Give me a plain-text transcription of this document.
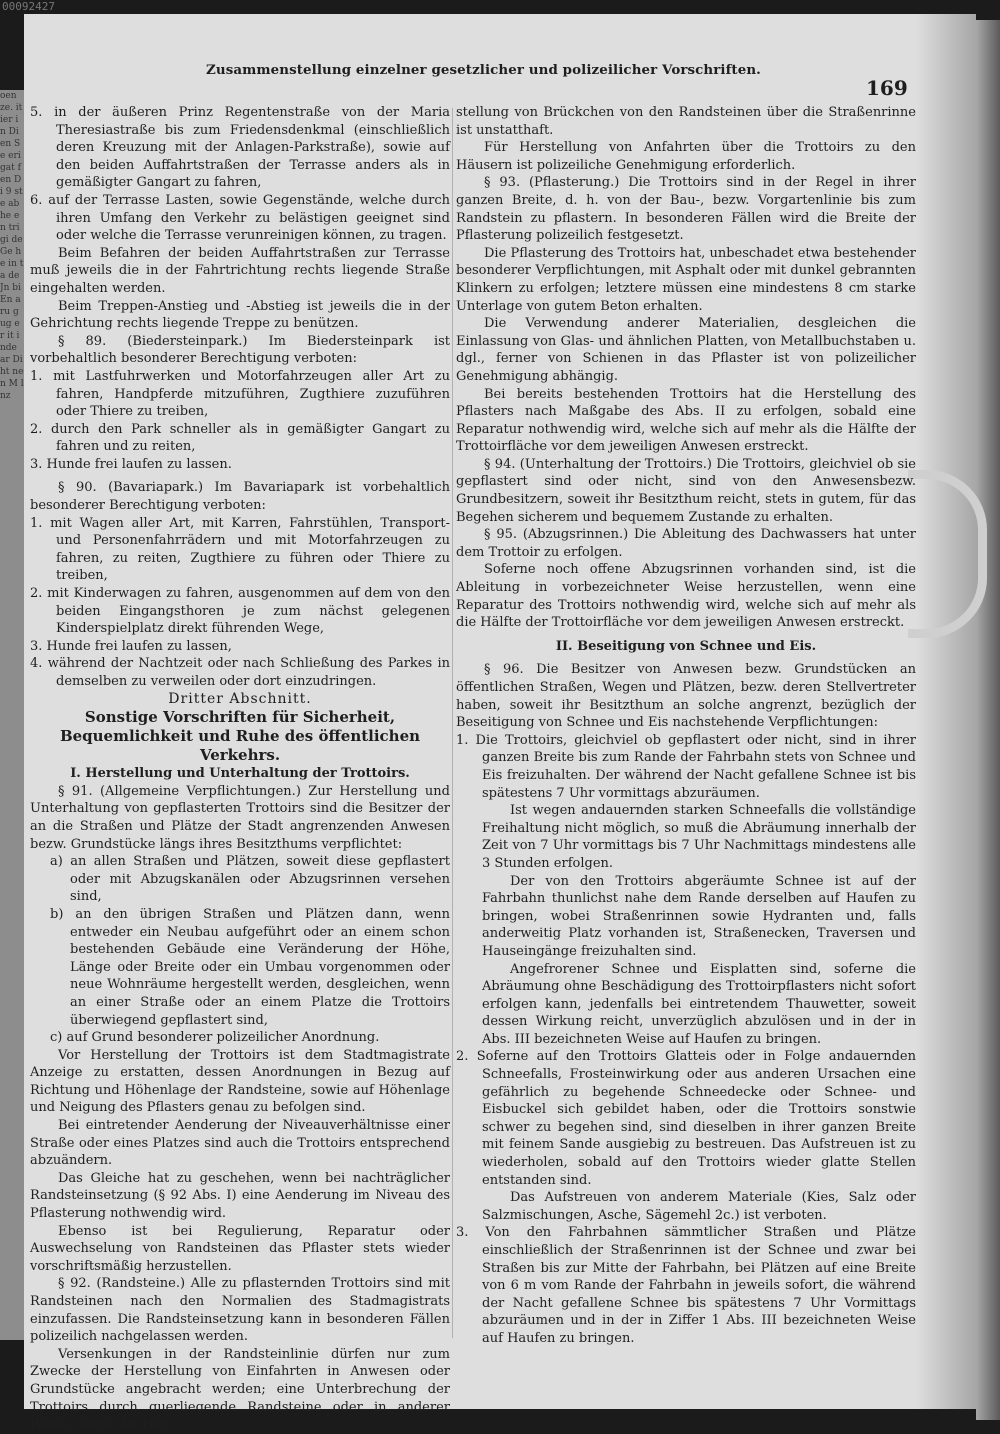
oen ze. it ier in Di en Se eri gat fen Di 9 ste ab he en tri gi de Ge he in ta de Jn bi En aru g ug er it inde ar Di ht ne n M l nz
00092427
Zusammenstellung einzelner gesetzlicher und polizeilicher Vorschriften.
169

5. in der äußeren Prinz Regentenstraße von der Maria Theresiastraße bis zum Friedensdenkmal (einschließlich deren Kreuzung mit der Anlagen-Parkstraße), sowie auf den beiden Auffahrtstraßen der Terrasse anders als in gemäßigter Gangart zu fahren,

6. auf der Terrasse Lasten, sowie Gegenstände, welche durch ihren Umfang den Verkehr zu belästigen geeignet sind oder welche die Terrasse verunreinigen können, zu tragen.

Beim Befahren der beiden Auffahrtstraßen zur Terrasse muß jeweils die in der Fahrtrichtung rechts liegende Straße eingehalten werden.

Beim Treppen-Anstieg und -Abstieg ist jeweils die in der Gehrichtung rechts liegende Treppe zu benützen.

§ 89. (Biedersteinpark.) Im Biedersteinpark ist vorbehaltlich besonderer Berechtigung verboten:

1. mit Lastfuhrwerken und Motorfahrzeugen aller Art zu fahren, Handpferde mitzuführen, Zugthiere zuzuführen oder Thiere zu treiben,

2. durch den Park schneller als in gemäßigter Gangart zu fahren und zu reiten,

3. Hunde frei laufen zu lassen.

§ 90. (Bavariapark.) Im Bavariapark ist vorbehaltlich besonderer Berechtigung verboten:

1. mit Wagen aller Art, mit Karren, Fahrstühlen, Transport- und Personenfahrrädern und mit Motorfahrzeugen zu fahren, zu reiten, Zugthiere zu führen oder Thiere zu treiben,

2. mit Kinderwagen zu fahren, ausgenommen auf dem von den beiden Eingangsthoren je zum nächst gelegenen Kinderspielplatz direkt führenden Wege,

3. Hunde frei laufen zu lassen,

4. während der Nachtzeit oder nach Schließung des Parkes in demselben zu verweilen oder dort einzudringen.

Dritter Abschnitt.

Sonstige Vorschriften für Sicherheit, Bequemlichkeit und Ruhe des öffentlichen Verkehrs.

I. Herstellung und Unterhaltung der Trottoirs.

§ 91. (Allgemeine Verpflichtungen.) Zur Herstellung und Unterhaltung von gepflasterten Trottoirs sind die Besitzer der an die Straßen und Plätze der Stadt angrenzenden Anwesen bezw. Grundstücke längs ihres Besitzthums verpflichtet:

a) an allen Straßen und Plätzen, soweit diese gepflastert oder mit Abzugskanälen oder Abzugsrinnen versehen sind,

b) an den übrigen Straßen und Plätzen dann, wenn entweder ein Neubau aufgeführt oder an einem schon bestehenden Gebäude eine Veränderung der Höhe, Länge oder Breite oder ein Umbau vorgenommen oder neue Wohnräume hergestellt werden, desgleichen, wenn an einer Straße oder an einem Platze die Trottoirs überwiegend gepflastert sind,

c) auf Grund besonderer polizeilicher Anordnung.

Vor Herstellung der Trottoirs ist dem Stadtmagistrate Anzeige zu erstatten, dessen Anordnungen in Bezug auf Richtung und Höhenlage der Randsteine, sowie auf Höhenlage und Neigung des Pflasters genau zu befolgen sind.

Bei eintretender Aenderung der Niveauverhältnisse einer Straße oder eines Platzes sind auch die Trottoirs entsprechend abzuändern.

Das Gleiche hat zu geschehen, wenn bei nachträglicher Randsteinsetzung (§ 92 Abs. I) eine Aenderung im Niveau des Pflasterung nothwendig wird.

Ebenso ist bei Regulierung, Reparatur oder Auswechselung von Randsteinen das Pflaster stets wieder vorschriftsmäßig herzustellen.

§ 92. (Randsteine.) Alle zu pflasternden Trottoirs sind mit Randsteinen nach den Normalien des Stadmagistrats einzufassen. Die Randsteinsetzung kann in besonderen Fällen polizeilich nachgelassen werden.

Versenkungen in der Randsteinlinie dürfen nur zum Zwecke der Herstellung von Einfahrten in Anwesen oder Grundstücke angebracht werden; eine Unterbrechung der Trottoirs durch querliegende Randsteine oder in anderer Weise, sowie die Her-

stellung von Brückchen von den Randsteinen über die Straßenrinne ist unstatthaft.

Für Herstellung von Anfahrten über die Trottoirs zu den Häusern ist polizeiliche Genehmigung erforderlich.

§ 93. (Pflasterung.) Die Trottoirs sind in der Regel in ihrer ganzen Breite, d. h. von der Bau-, bezw. Vorgartenlinie bis zum Randstein zu pflastern. In besonderen Fällen wird die Breite der Pflasterung polizeilich festgesetzt.

Die Pflasterung des Trottoirs hat, unbeschadet etwa bestehender besonderer Verpflichtungen, mit Asphalt oder mit dunkel gebrannten Klinkern zu erfolgen; letztere müssen eine mindestens 8 cm starke Unterlage von gutem Beton erhalten.

Die Verwendung anderer Materialien, desgleichen die Einlassung von Glas- und ähnlichen Platten, von Metallbuchstaben u. dgl., ferner von Schienen in das Pflaster ist von polizeilicher Genehmigung abhängig.

Bei bereits bestehenden Trottoirs hat die Herstellung des Pflasters nach Maßgabe des Abs. II zu erfolgen, sobald eine Reparatur nothwendig wird, welche sich auf mehr als die Hälfte der Trottoirfläche vor dem jeweiligen Anwesen erstreckt.

§ 94. (Unterhaltung der Trottoirs.) Die Trottoirs, gleichviel ob sie gepflastert sind oder nicht, sind von den Anwesensbezw. Grundbesitzern, soweit ihr Besitzthum reicht, stets in gutem, für das Begehen sicherem und bequemem Zustande zu erhalten.

§ 95. (Abzugsrinnen.) Die Ableitung des Dachwassers hat unter dem Trottoir zu erfolgen.

Soferne noch offene Abzugsrinnen vorhanden sind, ist die Ableitung in vorbezeichneter Weise herzustellen, wenn eine Reparatur des Trottoirs nothwendig wird, welche sich auf mehr als die Hälfte der Trottoirfläche vor dem jeweiligen Anwesen erstreckt.

II. Beseitigung von Schnee und Eis.

§ 96. Die Besitzer von Anwesen bezw. Grundstücken an öffentlichen Straßen, Wegen und Plätzen, bezw. deren Stellvertreter haben, soweit ihr Besitzthum an solche angrenzt, bezüglich der Beseitigung von Schnee und Eis nachstehende Verpflichtungen:

1. Die Trottoirs, gleichviel ob gepflastert oder nicht, sind in ihrer ganzen Breite bis zum Rande der Fahrbahn stets von Schnee und Eis freizuhalten. Der während der Nacht gefallene Schnee ist bis spätestens 7 Uhr vormittags abzuräumen.

Ist wegen andauernden starken Schneefalls die vollständige Freihaltung nicht möglich, so muß die Abräumung innerhalb der Zeit von 7 Uhr vormittags bis 7 Uhr Nachmittags mindestens alle 3 Stunden erfolgen.

Der von den Trottoirs abgeräumte Schnee ist auf der Fahrbahn thunlichst nahe dem Rande derselben auf Haufen zu bringen, wobei Straßenrinnen sowie Hydranten und, falls anderweitig Platz vorhanden ist, Straßenecken, Traversen und Hauseingänge freizuhalten sind.

Angefrorener Schnee und Eisplatten sind, soferne die Abräumung ohne Beschädigung des Trottoirpflasters nicht sofort erfolgen kann, jedenfalls bei eintretendem Thauwetter, soweit dessen Wirkung reicht, unverzüglich abzulösen und in der in Abs. III bezeichneten Weise auf Haufen zu bringen.

2. Soferne auf den Trottoirs Glatteis oder in Folge andauernden Schneefalls, Frosteinwirkung oder aus anderen Ursachen eine gefährlich zu begehende Schneedecke oder Schnee- und Eisbuckel sich gebildet haben, oder die Trottoirs sonstwie schwer zu begehen sind, sind dieselben in ihrer ganzen Breite mit feinem Sande ausgiebig zu bestreuen. Das Aufstreuen ist zu wiederholen, sobald auf den Trottoirs wieder glatte Stellen entstanden sind.

Das Aufstreuen von anderem Materiale (Kies, Salz oder Salzmischungen, Asche, Sägemehl 2c.) ist verboten.

3. Von den Fahrbahnen sämmtlicher Straßen und Plätze einschließlich der Straßenrinnen ist der Schnee und zwar bei Straßen bis zur Mitte der Fahrbahn, bei Plätzen auf eine Breite von 6 m vom Rande der Fahrbahn in jeweils sofort, die während der Nacht gefallene Schnee bis spätestens 7 Uhr Vormittags abzuräumen und in der in Ziffer 1 Abs. III bezeichneten Weise auf Haufen zu bringen.
